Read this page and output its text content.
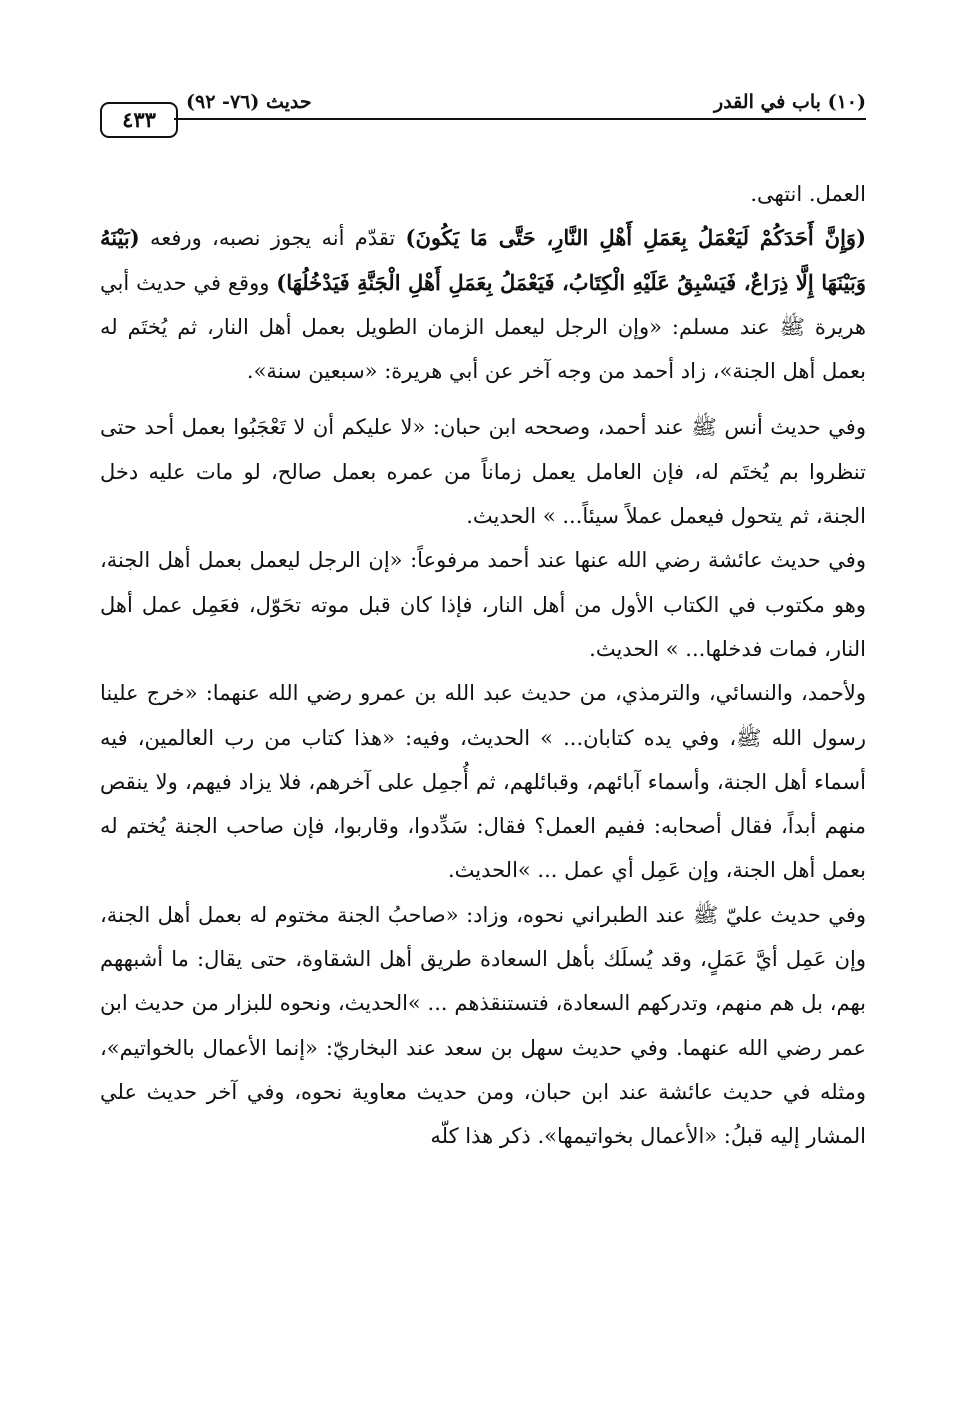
٤٣٣
حديث (٧٦- ٩٢)	(١٠) باب في القدر

العمل. انتهى.

(وَإِنَّ أَحَدَكُمْ لَيَعْمَلُ بِعَمَلِ أَهْلِ النَّارِ، حَتَّى مَا يَكُونَ) تقدّم أنه يجوز نصبه، ورفعه (بَيْنَهُ وَبَيْنَهَا إِلَّا ذِرَاعٌ، فَيَسْبِقُ عَلَيْهِ الْكِتَابُ، فَيَعْمَلُ بِعَمَلِ أَهْلِ الْجَنَّةِ فَيَدْخُلُهَا) ووقع في حديث أبي هريرة ﷺ عند مسلم: «وإن الرجل ليعمل الزمان الطويل بعمل أهل النار، ثم يُختَم له بعمل أهل الجنة»، زاد أحمد من وجه آخر عن أبي هريرة: «سبعين سنة».

وفي حديث أنس ﷺ عند أحمد، وصححه ابن حبان: «لا عليكم أن لا تَعْجَبُوا بعمل أحد حتى تنظروا بم يُختَم له، فإن العامل يعمل زماناً من عمره بعمل صالح، لو مات عليه دخل الجنة، ثم يتحول فيعمل عملاً سيئاً... » الحديث.

وفي حديث عائشة رضي الله عنها عند أحمد مرفوعاً: «إن الرجل ليعمل بعمل أهل الجنة، وهو مكتوب في الكتاب الأول من أهل النار، فإذا كان قبل موته تحَوّل، فعَمِل عمل أهل النار، فمات فدخلها... » الحديث.

ولأحمد، والنسائي، والترمذي، من حديث عبد الله بن عمرو رضي الله عنهما: «خرج علينا رسول الله ﷺ، وفي يده كتابان... » الحديث، وفيه: «هذا كتاب من رب العالمين، فيه أسماء أهل الجنة، وأسماء آبائهم، وقبائلهم، ثم أُجمِل على آخرهم، فلا يزاد فيهم، ولا ينقص منهم أبداً، فقال أصحابه: ففيم العمل؟ فقال: سَدِّدوا، وقاربوا، فإن صاحب الجنة يُختم له بعمل أهل الجنة، وإن عَمِل أي عمل ... »الحديث.

وفي حديث عليّ ﷺ عند الطبراني نحوه، وزاد: «صاحبُ الجنة مختوم له بعمل أهل الجنة، وإن عَمِل أيَّ عَمَلٍ، وقد يُسلَك بأهل السعادة طريق أهل الشقاوة، حتى يقال: ما أشبههم بهم، بل هم منهم، وتدركهم السعادة، فتستنقذهم ... »الحديث، ونحوه للبزار من حديث ابن عمر رضي الله عنهما. وفي حديث سهل بن سعد عند البخاريّ: «إنما الأعمال بالخواتيم»، ومثله في حديث عائشة عند ابن حبان، ومن حديث معاوية نحوه، وفي آخر حديث علي المشار إليه قبلُ: «الأعمال بخواتيمها». ذكر هذا كلّه
